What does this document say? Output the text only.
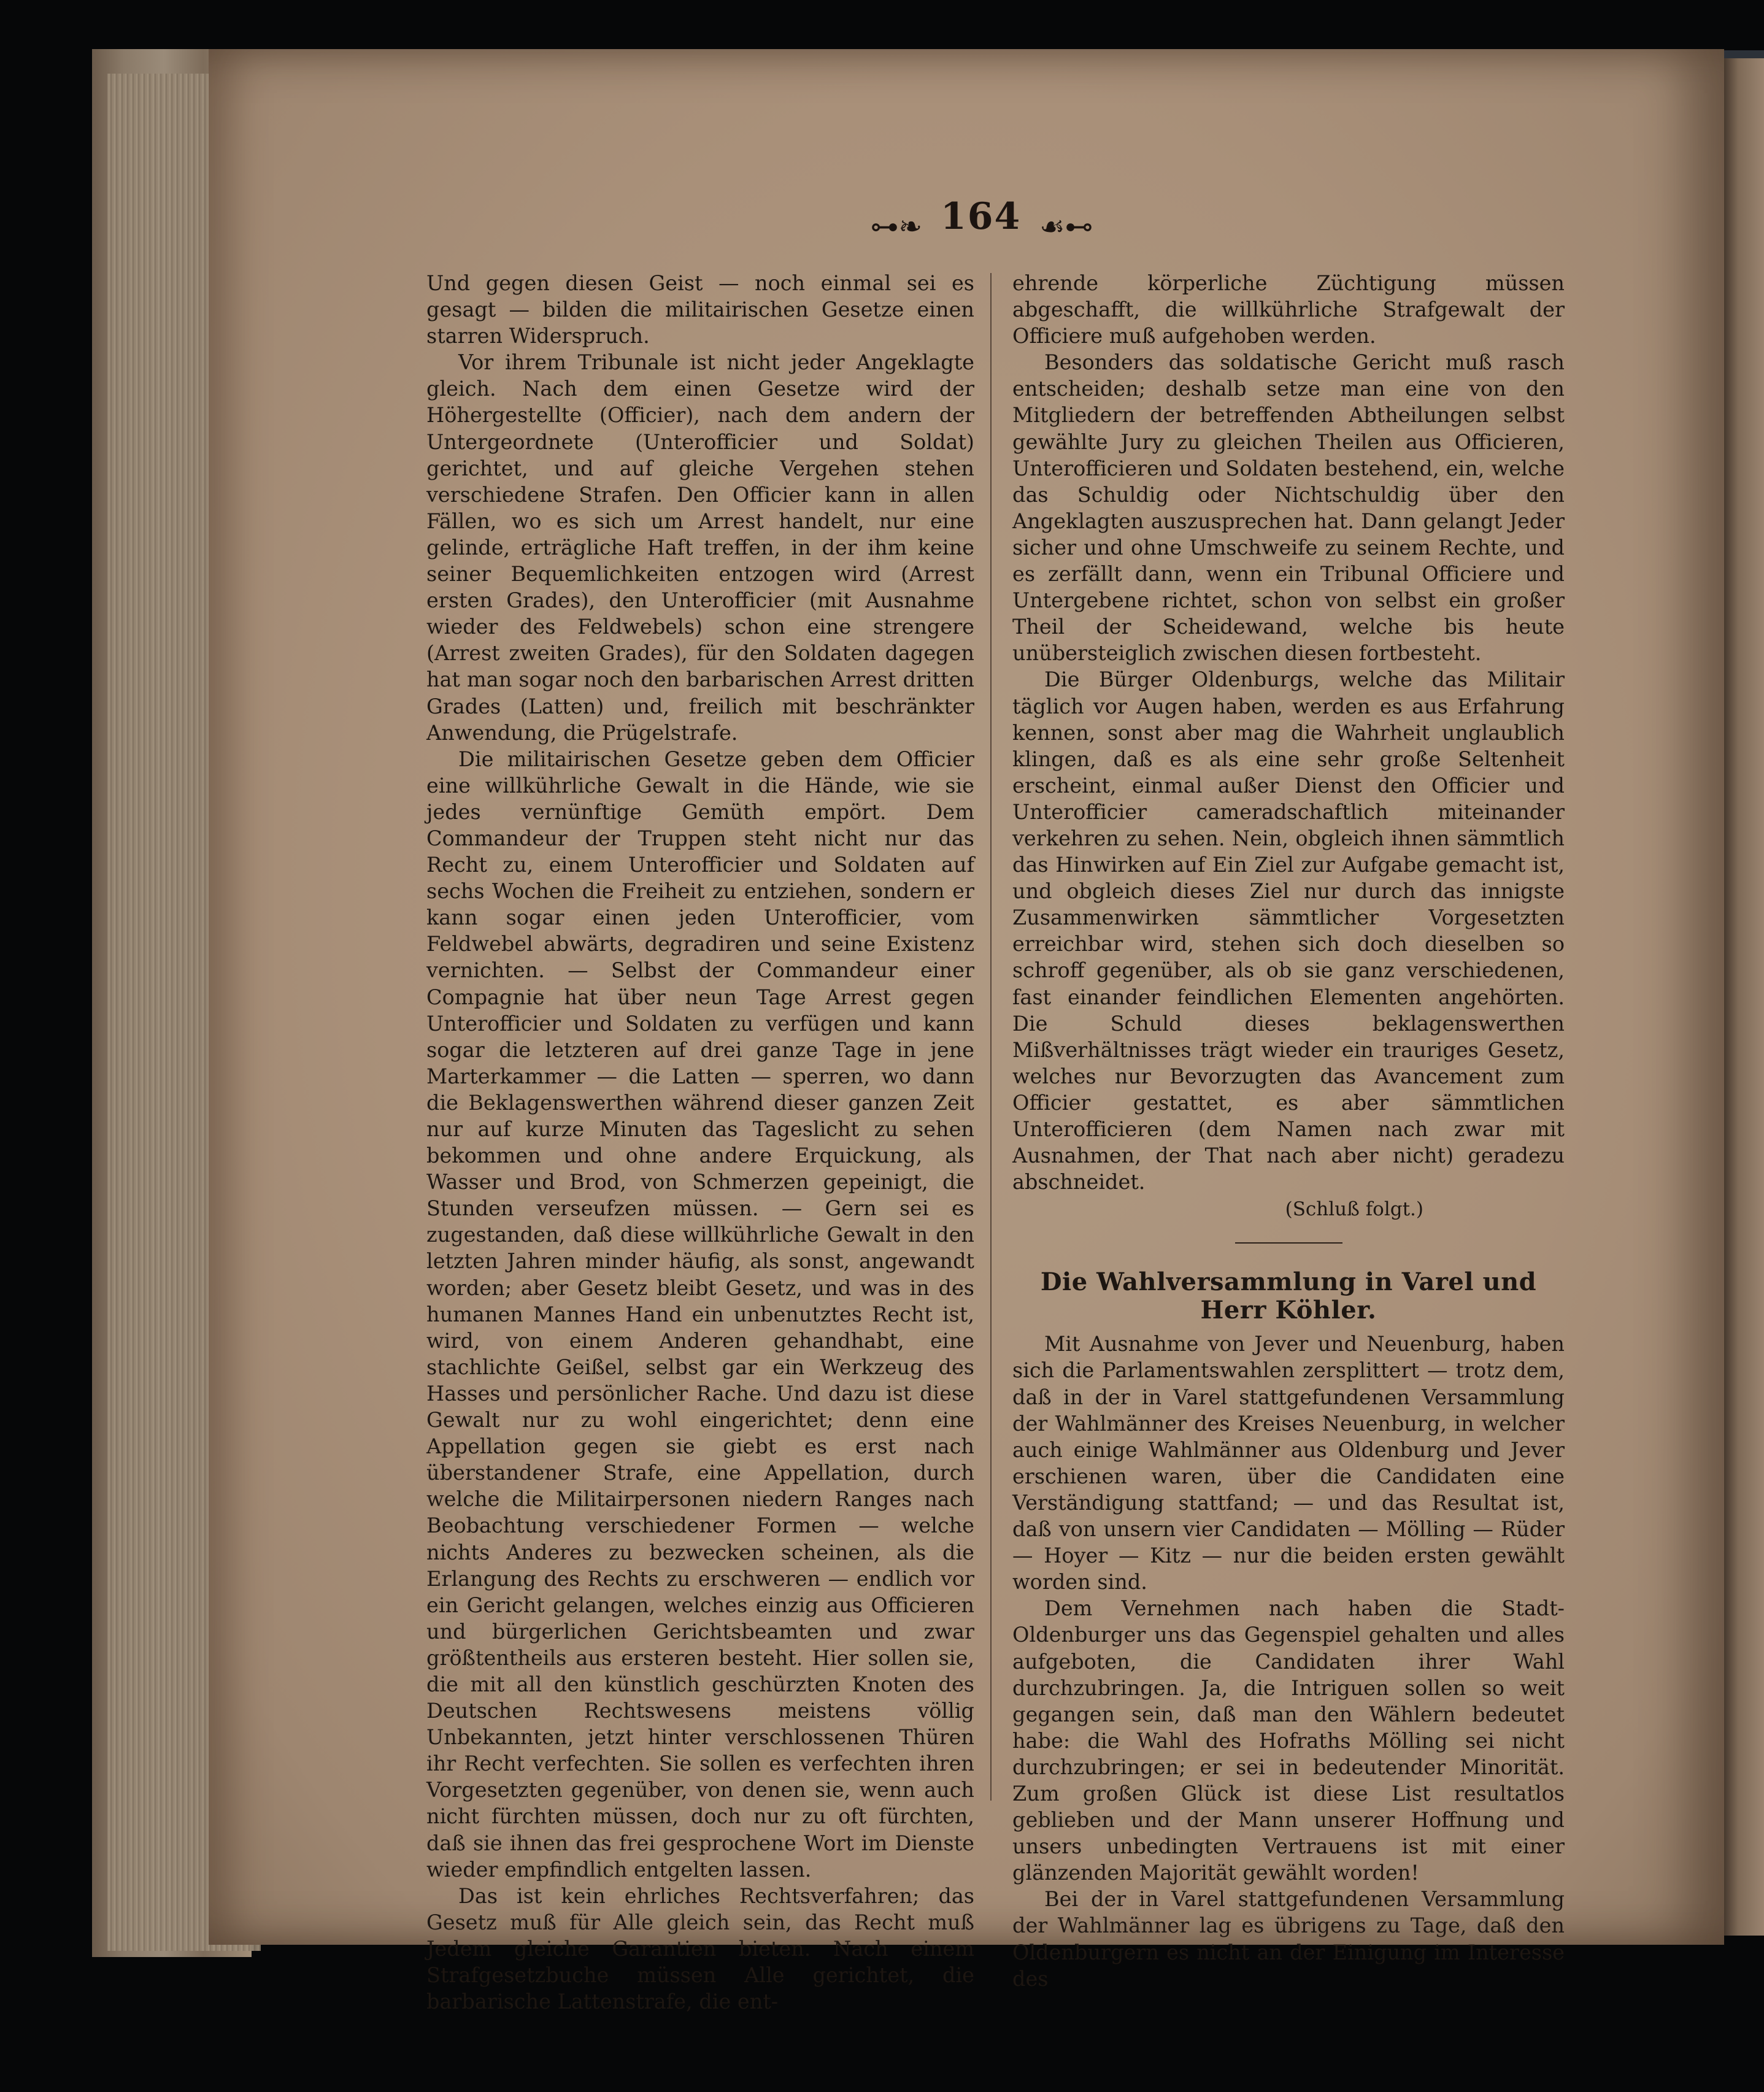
⊶❧ 164 ☙⊷

Und gegen diesen Geist — noch einmal sei es gesagt — bilden die militairischen Gesetze einen starren Widerspruch.

Vor ihrem Tribunale ist nicht jeder Angeklagte gleich. Nach dem einen Gesetze wird der Höhergestellte (Officier), nach dem andern der Untergeordnete (Unterofficier und Soldat) gerichtet, und auf gleiche Vergehen stehen verschiedene Strafen. Den Officier kann in allen Fällen, wo es sich um Arrest handelt, nur eine gelinde, erträgliche Haft treffen, in der ihm keine seiner Bequemlichkeiten entzogen wird (Arrest ersten Grades), den Unterofficier (mit Ausnahme wieder des Feldwebels) schon eine strengere (Arrest zweiten Grades), für den Soldaten dagegen hat man sogar noch den barbarischen Arrest dritten Grades (Latten) und, freilich mit beschränkter Anwendung, die Prügelstrafe.

Die militairischen Gesetze geben dem Officier eine willkührliche Gewalt in die Hände, wie sie jedes vernünftige Gemüth empört. Dem Commandeur der Truppen steht nicht nur das Recht zu, einem Unterofficier und Soldaten auf sechs Wochen die Freiheit zu entziehen, sondern er kann sogar einen jeden Unterofficier, vom Feldwebel abwärts, degradiren und seine Existenz vernichten. — Selbst der Commandeur einer Compagnie hat über neun Tage Arrest gegen Unterofficier und Soldaten zu verfügen und kann sogar die letzteren auf drei ganze Tage in jene Marterkammer — die Latten — sperren, wo dann die Beklagenswerthen während dieser ganzen Zeit nur auf kurze Minuten das Tageslicht zu sehen bekommen und ohne andere Erquickung, als Wasser und Brod, von Schmerzen gepeinigt, die Stunden verseufzen müssen. — Gern sei es zugestanden, daß diese willkührliche Gewalt in den letzten Jahren minder häufig, als sonst, angewandt worden; aber Gesetz bleibt Gesetz, und was in des humanen Mannes Hand ein unbenutztes Recht ist, wird, von einem Anderen gehandhabt, eine stachlichte Geißel, selbst gar ein Werkzeug des Hasses und persönlicher Rache. Und dazu ist diese Gewalt nur zu wohl eingerichtet; denn eine Appellation gegen sie giebt es erst nach überstandener Strafe, eine Appellation, durch welche die Militairpersonen niedern Ranges nach Beobachtung verschiedener Formen — welche nichts Anderes zu bezwecken scheinen, als die Erlangung des Rechts zu erschweren — endlich vor ein Gericht gelangen, welches einzig aus Officieren und bürgerlichen Gerichtsbeamten und zwar größtentheils aus ersteren besteht. Hier sollen sie, die mit all den künstlich geschürzten Knoten des Deutschen Rechtswesens meistens völlig Unbekannten, jetzt hinter verschlossenen Thüren ihr Recht verfechten. Sie sollen es verfechten ihren Vorgesetzten gegenüber, von denen sie, wenn auch nicht fürchten müssen, doch nur zu oft fürchten, daß sie ihnen das frei gesprochene Wort im Dienste wieder empfindlich entgelten lassen.

Das ist kein ehrliches Rechtsverfahren; das Gesetz muß für Alle gleich sein, das Recht muß Jedem gleiche Garantien bieten. Nach einem Strafgesetzbuche müssen Alle gerichtet, die barbarische Lattenstrafe, die ent-

ehrende körperliche Züchtigung müssen abgeschafft, die willkührliche Strafgewalt der Officiere muß aufgehoben werden.

Besonders das soldatische Gericht muß rasch entscheiden; deshalb setze man eine von den Mitgliedern der betreffenden Abtheilungen selbst gewählte Jury zu gleichen Theilen aus Officieren, Unterofficieren und Soldaten bestehend, ein, welche das Schuldig oder Nichtschuldig über den Angeklagten auszusprechen hat. Dann gelangt Jeder sicher und ohne Umschweife zu seinem Rechte, und es zerfällt dann, wenn ein Tribunal Officiere und Untergebene richtet, schon von selbst ein großer Theil der Scheidewand, welche bis heute unübersteiglich zwischen diesen fortbesteht.

Die Bürger Oldenburgs, welche das Militair täglich vor Augen haben, werden es aus Erfahrung kennen, sonst aber mag die Wahrheit unglaublich klingen, daß es als eine sehr große Seltenheit erscheint, einmal außer Dienst den Officier und Unterofficier cameradschaftlich miteinander verkehren zu sehen. Nein, obgleich ihnen sämmtlich das Hinwirken auf Ein Ziel zur Aufgabe gemacht ist, und obgleich dieses Ziel nur durch das innigste Zusammenwirken sämmtlicher Vorgesetzten erreichbar wird, stehen sich doch dieselben so schroff gegenüber, als ob sie ganz verschiedenen, fast einander feindlichen Elementen angehörten. Die Schuld dieses beklagenswerthen Mißverhältnisses trägt wieder ein trauriges Gesetz, welches nur Bevorzugten das Avancement zum Officier gestattet, es aber sämmtlichen Unterofficieren (dem Namen nach zwar mit Ausnahmen, der That nach aber nicht) geradezu abschneidet.

(Schluß folgt.)
Die Wahlversammlung in Varel und Herr Köhler.

Mit Ausnahme von Jever und Neuenburg, haben sich die Parlamentswahlen zersplittert — trotz dem, daß in der in Varel stattgefundenen Versammlung der Wahlmänner des Kreises Neuenburg, in welcher auch einige Wahlmänner aus Oldenburg und Jever erschienen waren, über die Candidaten eine Verständigung stattfand; — und das Resultat ist, daß von unsern vier Candidaten — Mölling — Rüder — Hoyer — Kitz — nur die beiden ersten gewählt worden sind.

Dem Vernehmen nach haben die Stadt-Oldenburger uns das Gegenspiel gehalten und alles aufgeboten, die Candidaten ihrer Wahl durchzubringen. Ja, die Intriguen sollen so weit gegangen sein, daß man den Wählern bedeutet habe: die Wahl des Hofraths Mölling sei nicht durchzubringen; er sei in bedeutender Minorität. Zum großen Glück ist diese List resultatlos geblieben und der Mann unserer Hoffnung und unsers unbedingten Vertrauens ist mit einer glänzenden Majorität gewählt worden!

Bei der in Varel stattgefundenen Versammlung der Wahlmänner lag es übrigens zu Tage, daß den Oldenburgern es nicht an der Einigung im Interesse des
